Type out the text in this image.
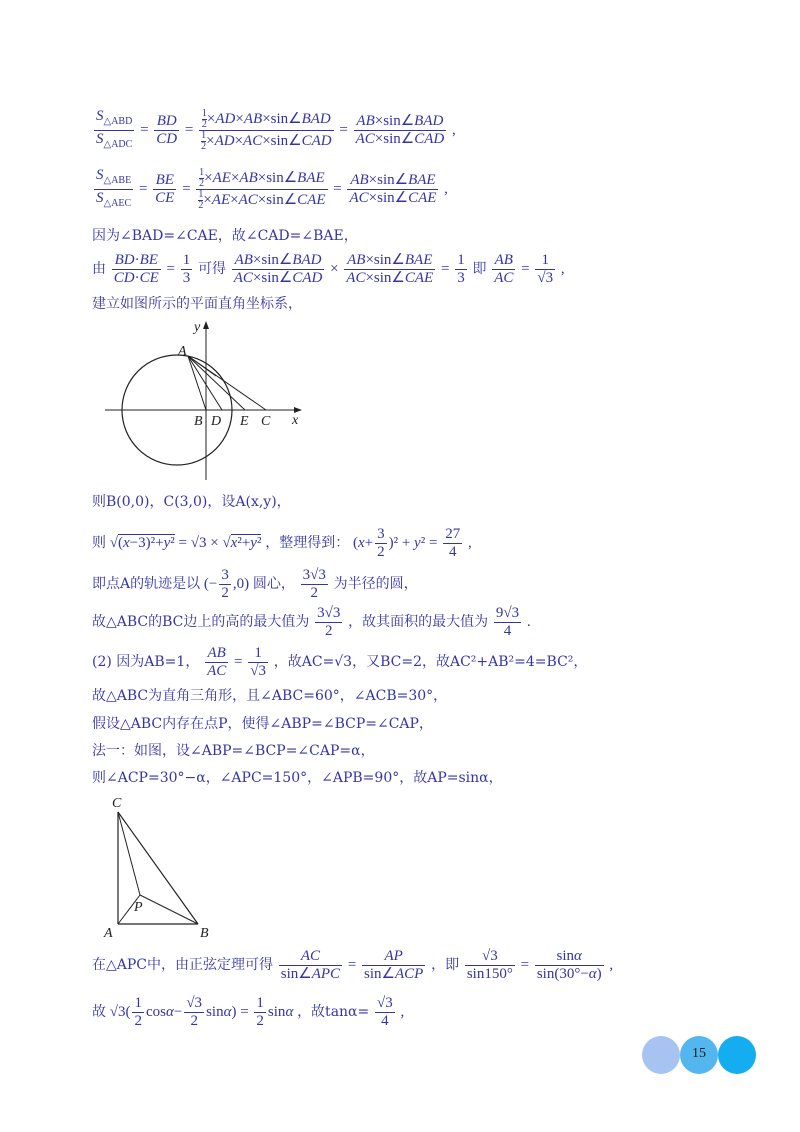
$\frac{S_{\triangle ABD}}{S_{\triangle ADC}} = \frac{BD}{CD} = \frac{\frac{1}{2} \times AD\times AB\times\sin\angle BAD}{\frac{1}{2} \times AD\times AC\times\sin\angle CAD} = \frac{\text{AB×sin∠BAD}}{\text{AC×sin∠CAD}}$ ,
$\frac{S_{\triangle ABE}}{S_{\triangle AEC}} = \frac{BE}{CE} = \frac{\frac{1}{2} \times AE\times AB\times\sin\angle BAE}{\frac{1}{2} \times AE\times AC\times\sin\angle CAE} = \frac{\text{AB×sin∠BAE}}{\text{AC×sin∠CAE}}$ ,
因为∠BAD=∠CAE，故∠CAD=∠BAE，
由 $\frac{BD\cdot BE}{CD\cdot CE} = \frac{1}{3}$ 可得 $\frac{\text{AB×sin∠BAD}}{\text{AC×sin∠CAD}} \times \frac{\text{AB×sin∠BAE}}{\text{AC×sin∠CAE}} = \frac{1}{3}$ 即 $\frac{AB}{AC} = \frac{1}{√3}$ ,
建立如图所示的平面直角坐标系，
y
x
A
B D E C
则B(0,0)，C(3,0)，设A(x,y)，
则 √(x−3)²+y² = √3 × √x²+y² ，整理得到： $(x+ \frac{3}{2} )^2 + y^2 = \frac{27}{4}$ ,
即点A的轨迹是以 (− $\frac{3}{2} ,0$) 圆心， $\frac{3√3}{2}$ 为半径的圆，
故△ABC的BC边上的高的最大值为 $\frac{3√3}{2}$ ，故其面积的最大值为 $\frac{9√3}{4}$ .
(2) 因为AB=1， $\frac{AB}{AC} = \frac{1}{√3}$ ，故AC=√3，又BC=2，故AC²+AB²=4=BC²，
故△ABC为直角三角形，且∠ABC=60°，∠ACB=30°，
假设△ABC内存在点P，使得∠ABP=∠BCP=∠CAP，
法一：如图，设∠ABP=∠BCP=∠CAP=α，
则∠ACP=30°−α，∠APC=150°，∠APB=90°，故AP=sinα，
C
P
A	B
在△APC中，由正弦定理可得 $\frac{AC}{\text{sin∠APC}} = \frac{AP}{\text{sin∠ACP}}$ ，即 $\frac{√3}{\sin 150^\circ} = \frac{\sin\alpha}{\sin(30^\circ-\alpha)}$ ,
故 $√3( \frac{1}{2} \cos\alpha- \frac{√3}{2} \sin\alpha) = \frac{1}{2}$ sinα ，故$\tan\alpha= \frac{√3}{4}$ ,
15
